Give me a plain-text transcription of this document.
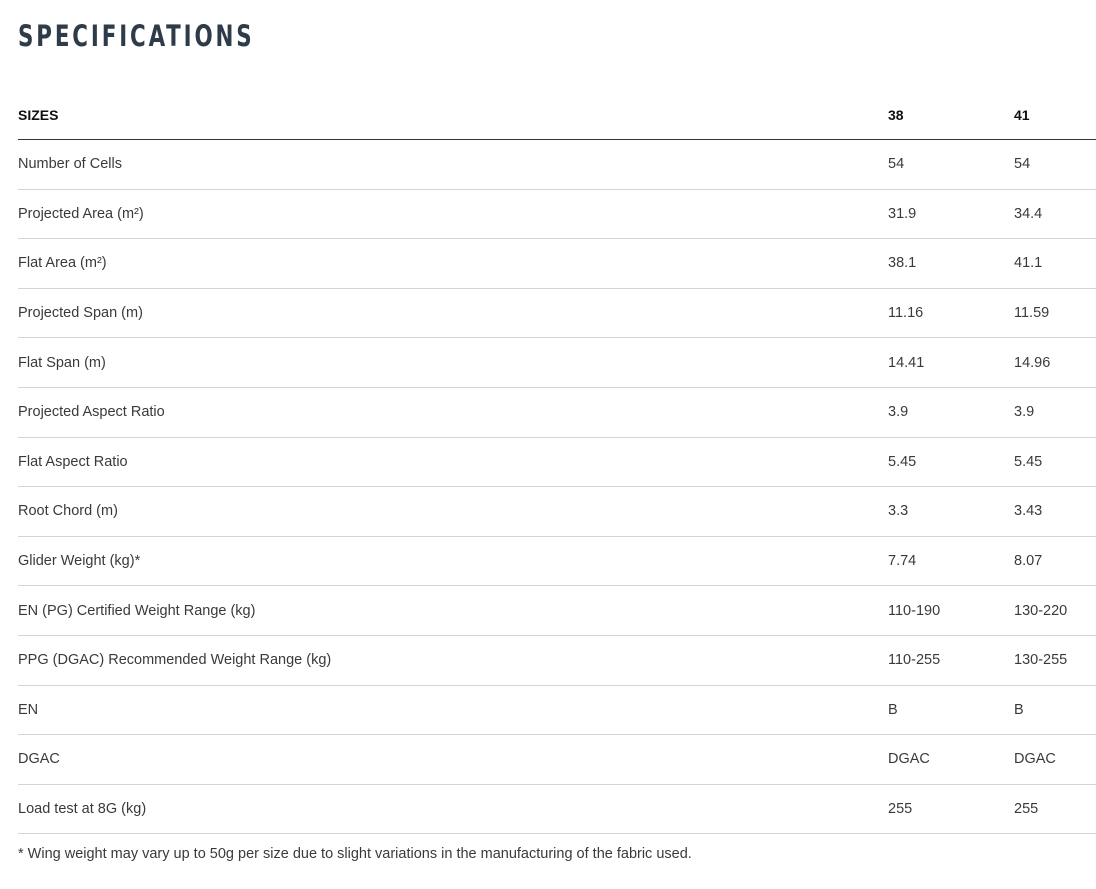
SPECIFICATIONS
SIZES	38	41
Number of Cells	54	54
Projected Area (m²)	31.9	34.4
Flat Area (m²)	38.1	41.1
Projected Span (m)	11.16	11.59
Flat Span (m)	14.41	14.96
Projected Aspect Ratio	3.9	3.9
Flat Aspect Ratio	5.45	5.45
Root Chord (m)	3.3	3.43
Glider Weight (kg)*	7.74	8.07
EN (PG) Certified Weight Range (kg)	110-190	130-220
PPG (DGAC) Recommended Weight Range (kg)	110-255	130-255
EN	B	B
DGAC	DGAC	DGAC
Load test at 8G (kg)	255	255

* Wing weight may vary up to 50g per size due to slight variations in the manufacturing of the fabric used.
